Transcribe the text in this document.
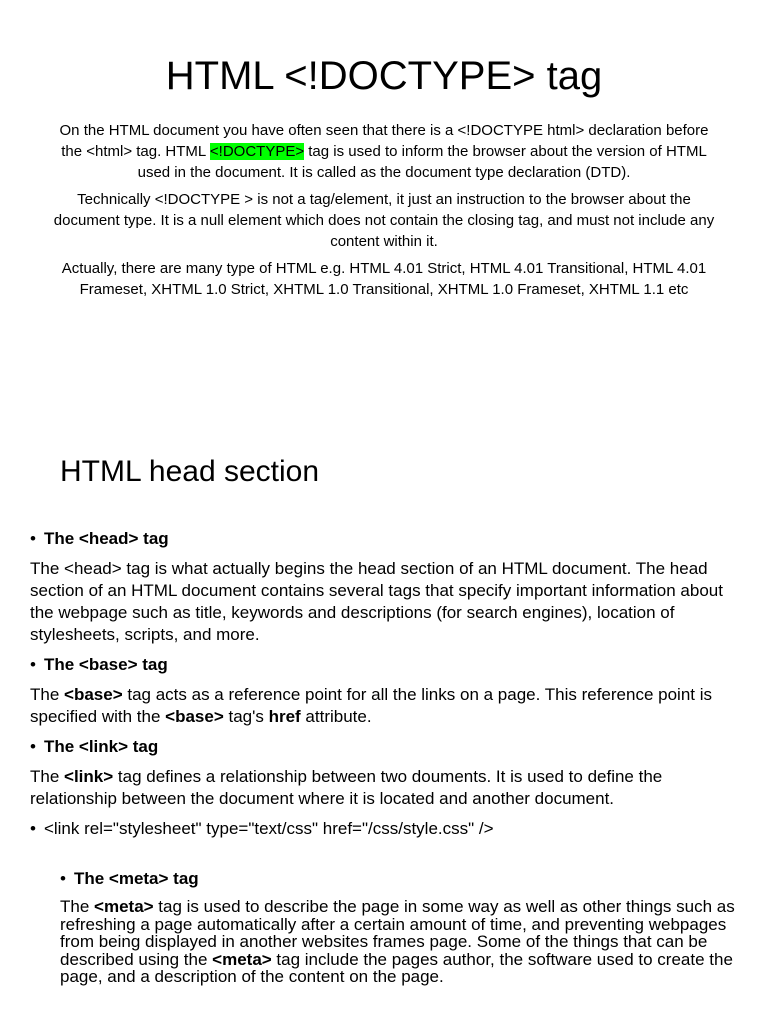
HTML <!DOCTYPE> tag

On the HTML document you have often seen that there is a <!DOCTYPE html> declaration before the <html> tag. HTML <!DOCTYPE> tag is used to inform the browser about the version of HTML used in the document. It is called as the document type declaration (DTD).

Technically <!DOCTYPE > is not a tag/element, it just an instruction to the browser about the document type. It is a null element which does not contain the closing tag, and must not include any content within it.

Actually, there are many type of HTML e.g. HTML 4.01 Strict, HTML 4.01 Transitional, HTML 4.01 Frameset, XHTML 1.0 Strict, XHTML 1.0 Transitional, XHTML 1.0 Frameset, XHTML 1.1 etc

HTML head section

• The <head> tag

The <head> tag is what actually begins the head section of an HTML document. The head section of an HTML document contains several tags that specify important information about the webpage such as title, keywords and descriptions (for search engines), location of stylesheets, scripts, and more.

• The <base> tag

The <base> tag acts as a reference point for all the links on a page. This reference point is specified with the <base> tag's href attribute.

• The <link> tag

The <link> tag defines a relationship between two douments. It is used to define the relationship between the document where it is located and another document.

• <link rel="stylesheet" type="text/css" href="/css/style.css" />

• The <meta> tag

The <meta> tag is used to describe the page in some way as well as other things such as refreshing a page automatically after a certain amount of time, and preventing webpages from being displayed in another websites frames page. Some of the things that can be described using the <meta> tag include the pages author, the software used to create the page, and a description of the content on the page.
